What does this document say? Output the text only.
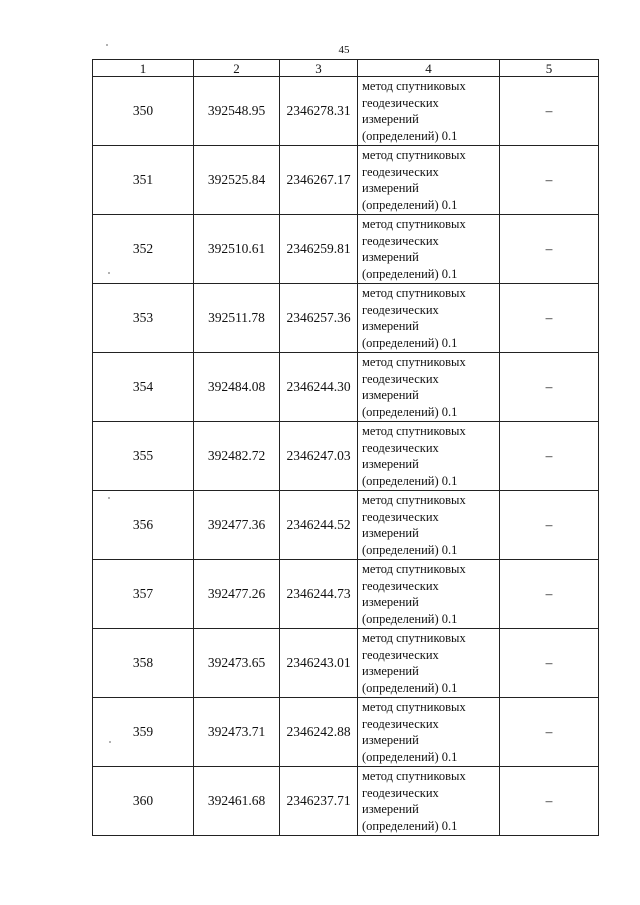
45
1	2	3	4	5
350	392548.95	2346278.31	метод спутниковых
геодезических
измерений
(определений) 0.1	–
351	392525.84	2346267.17	метод спутниковых
геодезических
измерений
(определений) 0.1	–
352	392510.61	2346259.81	метод спутниковых
геодезических
измерений
(определений) 0.1	–
353	392511.78	2346257.36	метод спутниковых
геодезических
измерений
(определений) 0.1	–
354	392484.08	2346244.30	метод спутниковых
геодезических
измерений
(определений) 0.1	–
355	392482.72	2346247.03	метод спутниковых
геодезических
измерений
(определений) 0.1	–
356	392477.36	2346244.52	метод спутниковых
геодезических
измерений
(определений) 0.1	–
357	392477.26	2346244.73	метод спутниковых
геодезических
измерений
(определений) 0.1	–
358	392473.65	2346243.01	метод спутниковых
геодезических
измерений
(определений) 0.1	–
359	392473.71	2346242.88	метод спутниковых
геодезических
измерений
(определений) 0.1	–
360	392461.68	2346237.71	метод спутниковых
геодезических
измерений
(определений) 0.1	–
